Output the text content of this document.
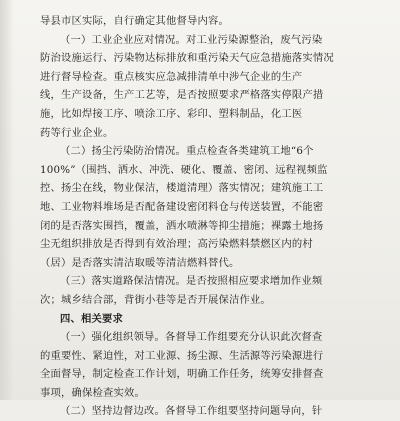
导县市区实际，自行确定其他督导内容。
（一）工业企业应对情况。对工业污染源整治，废气污染
防治设施运行、污染物达标排放和重污染天气应急措施落实情况
进行督导检查。重点核实应急减排清单中涉气企业的生产
线，生产设备，生产工艺等，是否按照要求严格落实停限产措
施，比如焊接工序、喷涂工序、彩印、塑料制品，化工医
药等行业企业。
（二）扬尘污染防治情况。重点检查各类建筑工地“6个
100%”（围挡、洒水、冲洗、硬化、覆盖、密闭、远程视频监
控、扬尘在线，物业保洁，楼道清理）落实情况；建筑施工工
地、工业物料堆场是否配备建设密闭料仓与传送装置，不能密
闭的是否落实围挡，覆盖，洒水喷淋等抑尘措施；裸露土地扬
尘无组织排放是否得到有效治理；高污染燃料禁燃区内的村
（居）是否落实清洁取暖等清洁燃料替代。
（三）落实道路保洁情况。是否按照相应要求增加作业频
次；城乡结合部，背街小巷等是否开展保洁作业。
四、相关要求
（一）强化组织领导。各督导工作组要充分认识此次督查
的重要性、紧迫性，对工业源、扬尘源、生活源等污染源进行
全面督导，制定检查工作计划，明确工作任务，统筹安排督查
事项，确保检查实效。
（二）坚持边督边改。各督导工作组要坚持问题导向，针
